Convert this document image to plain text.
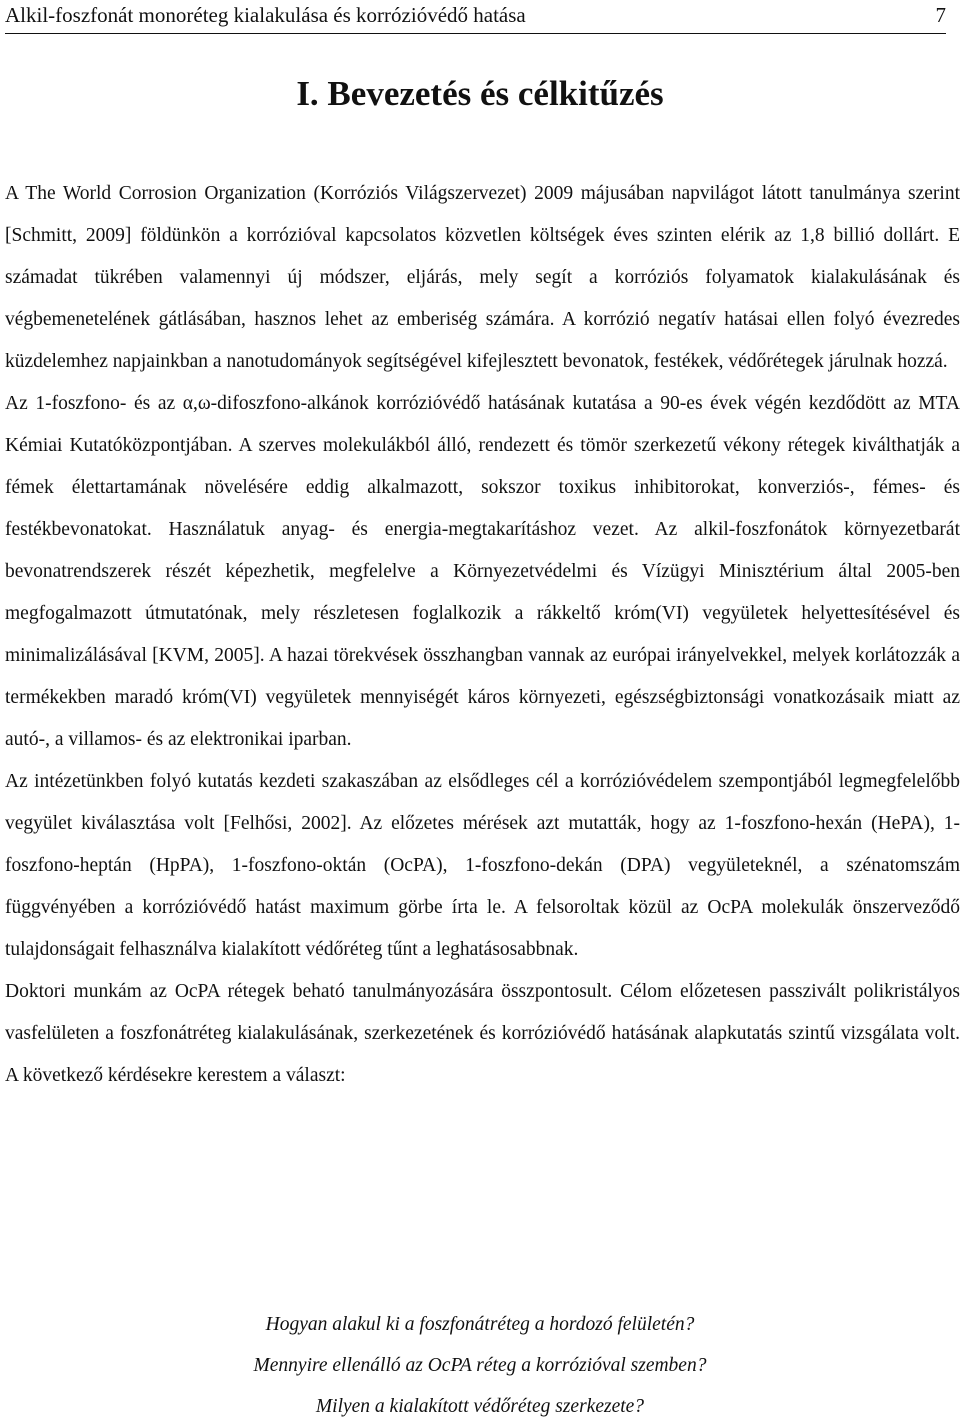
Alkil-foszfonát monoréteg kialakulása és korrózióvédő hatása	7
I. Bevezetés és célkitűzés

A The World Corrosion Organization (Korróziós Világszervezet) 2009 májusában napvilágot látott tanulmánya szerint [Schmitt, 2009] földünkön a korrózióval kapcsolatos közvetlen költségek éves szinten elérik az 1,8 billió dollárt. E számadat tükrében valamennyi új módszer, eljárás, mely segít a korróziós folyamatok kialakulásának és végbemenetelének gátlásában, hasznos lehet az emberiség számára. A korrózió negatív hatásai ellen folyó évezredes küzdelemhez napjainkban a nanotudományok segítségével kifejlesztett bevonatok, festékek, védőrétegek járulnak hozzá.

Az 1-foszfono- és az α,ω-difoszfono-alkánok korrózióvédő hatásának kutatása a 90-es évek végén kezdődött az MTA Kémiai Kutatóközpontjában. A szerves molekulákból álló, rendezett és tömör szerkezetű vékony rétegek kiválthatják a fémek élettartamának növelésére eddig alkalmazott, sokszor toxikus inhibitorokat, konverziós-, fémes- és festékbevonatokat. Használatuk anyag- és energia-megtakarításhoz vezet. Az alkil-foszfonátok környezetbarát bevonatrendszerek részét képezhetik, megfelelve a Környezetvédelmi és Vízügyi Minisztérium által 2005-ben megfogalmazott útmutatónak, mely részletesen foglalkozik a rákkeltő króm(VI) vegyületek helyettesítésével és minimalizálásával [KVM, 2005]. A hazai törekvések összhangban vannak az európai irányelvekkel, melyek korlátozzák a termékekben maradó króm(VI) vegyületek mennyiségét káros környezeti, egészségbiztonsági vonatkozásaik miatt az autó-, a villamos- és az elektronikai iparban.

Az intézetünkben folyó kutatás kezdeti szakaszában az elsődleges cél a korrózióvédelem szempontjából legmegfelelőbb vegyület kiválasztása volt [Felhősi, 2002]. Az előzetes mérések azt mutatták, hogy az 1-foszfono-hexán (HePA), 1-foszfono-heptán (HpPA), 1-foszfono-oktán (OcPA), 1-foszfono-dekán (DPA) vegyületeknél, a szénatomszám függvényében a korrózióvédő hatást maximum görbe írta le. A felsoroltak közül az OcPA molekulák önszerveződő tulajdonságait felhasználva kialakított védőréteg tűnt a leghatásosabbnak.

Doktori munkám az OcPA rétegek beható tanulmányozására összpontosult. Célom előzetesen passzivált polikristályos vasfelületen a foszfonátréteg kialakulásának, szerkezetének és korrózióvédő hatásának alapkutatás szintű vizsgálata volt. A következő kérdésekre kerestem a választ:

Hogyan alakul ki a foszfonátréteg a hordozó felületén?
Mennyire ellenálló az OcPA réteg a korrózióval szemben?
Milyen a kialakított védőréteg szerkezete?
